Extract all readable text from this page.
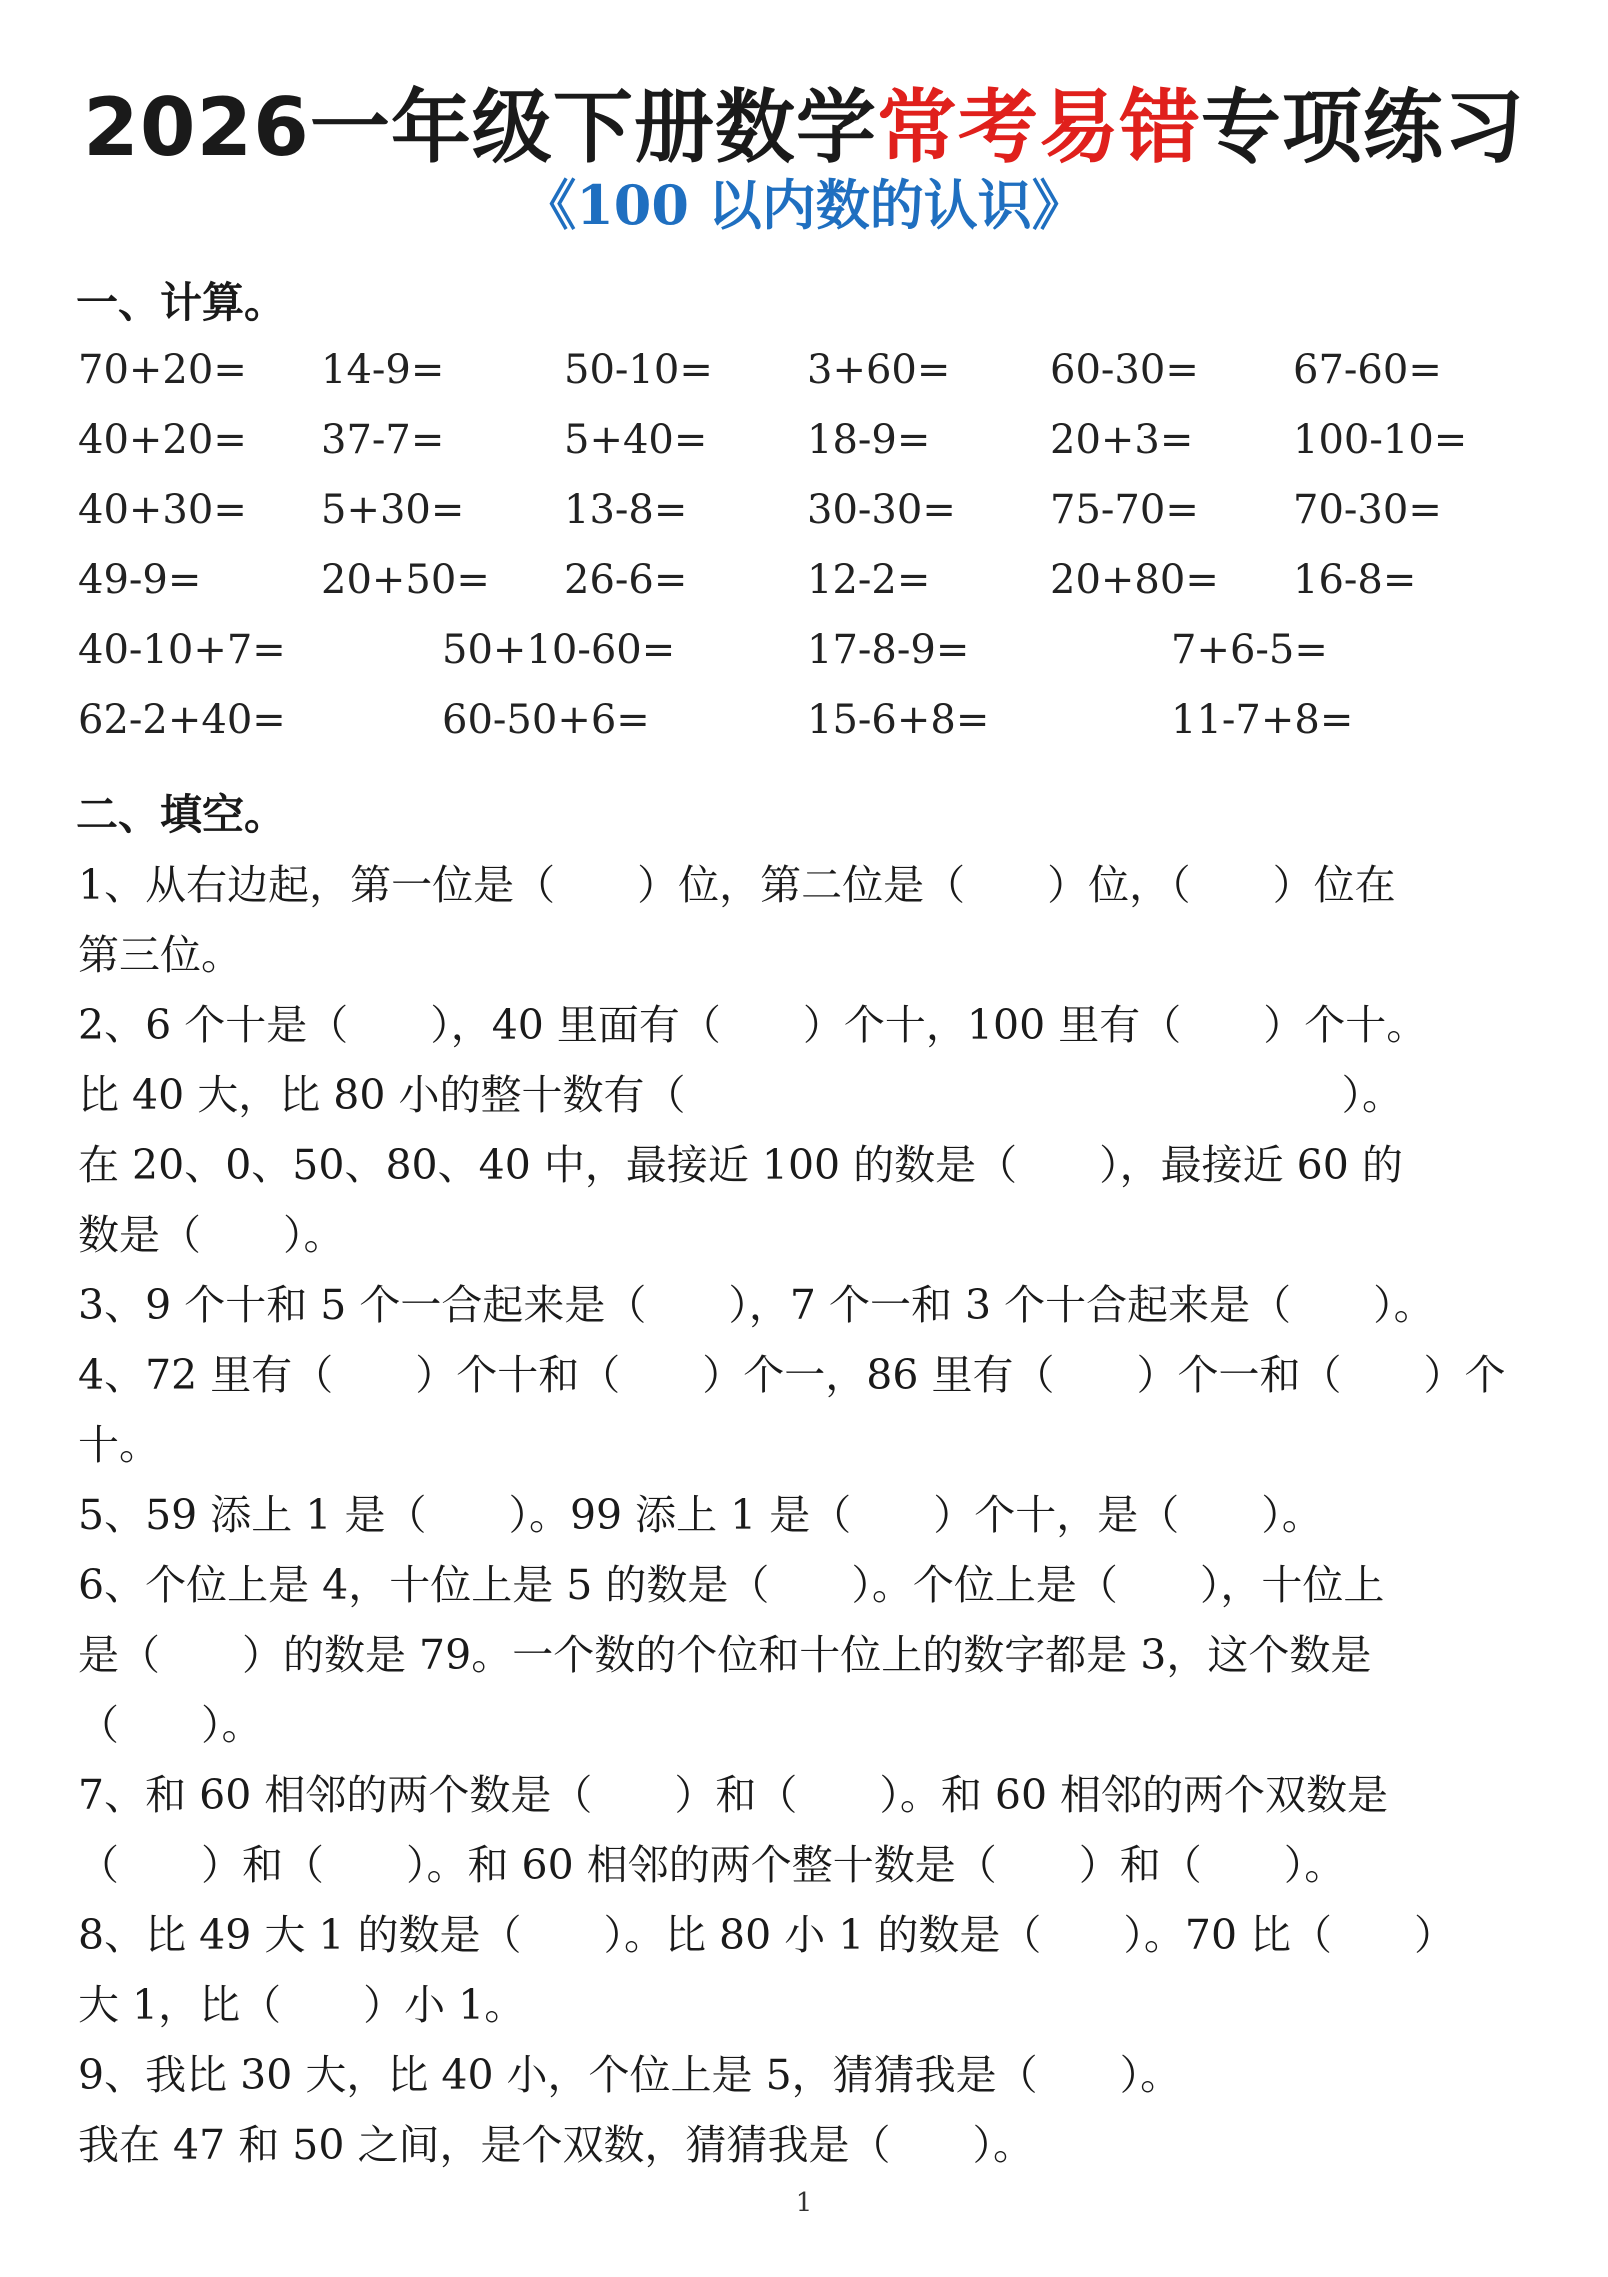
2026一年级下册数学常考易错专项练习
《100 以内数的认识》
一、计算。
70+20= 14-9=	50-10= 3+60= 60-30= 67-60=
40+20= 37-7=	5+40= 18-9=	20+3= 100-10=
40+30= 5+30= 13-8=	30-30= 75-70= 70-30=
49-9=	20+50= 26-6=	12-2=	20+80= 16-8=
40-10+7=	50+10-60=	17-8-9=	7+6-5=
62-2+40=	60-50+6=	15-6+8=	11-7+8=
二、填空。

1、从右边起，第一位是（　　）位，第二位是（　　）位，（　　）位在

第三位。

2、6 个十是（　　），40 里面有（　　）个十，100 里有（　　）个十。

比 40 大，比 80 小的整十数有（　　　　　　　　　　　　　　　　）。

在 20、0、50、80、40 中，最接近 100 的数是（　　），最接近 60 的

数是（　　）。

3、9 个十和 5 个一合起来是（　　），7 个一和 3 个十合起来是（　　）。

4、72 里有（　　）个十和（　　）个一，86 里有（　　）个一和（　　）个

十。

5、59 添上 1 是（　　）。99 添上 1 是（　　）个十，是（　　）。

6、个位上是 4，十位上是 5 的数是（　　）。个位上是（　　），十位上

是（　　）的数是 79。一个数的个位和十位上的数字都是 3，这个数是

（　　）。

7、和 60 相邻的两个数是（　　）和（　　）。和 60 相邻的两个双数是

（　　）和（　　）。和 60 相邻的两个整十数是（　　）和（　　）。

8、比 49 大 1 的数是（　　）。比 80 小 1 的数是（　　）。70 比（　　）

大 1，比（　　）小 1。

9、我比 30 大，比 40 小，个位上是 5，猜猜我是（　　）。

我在 47 和 50 之间，是个双数，猜猜我是（　　）。

1
